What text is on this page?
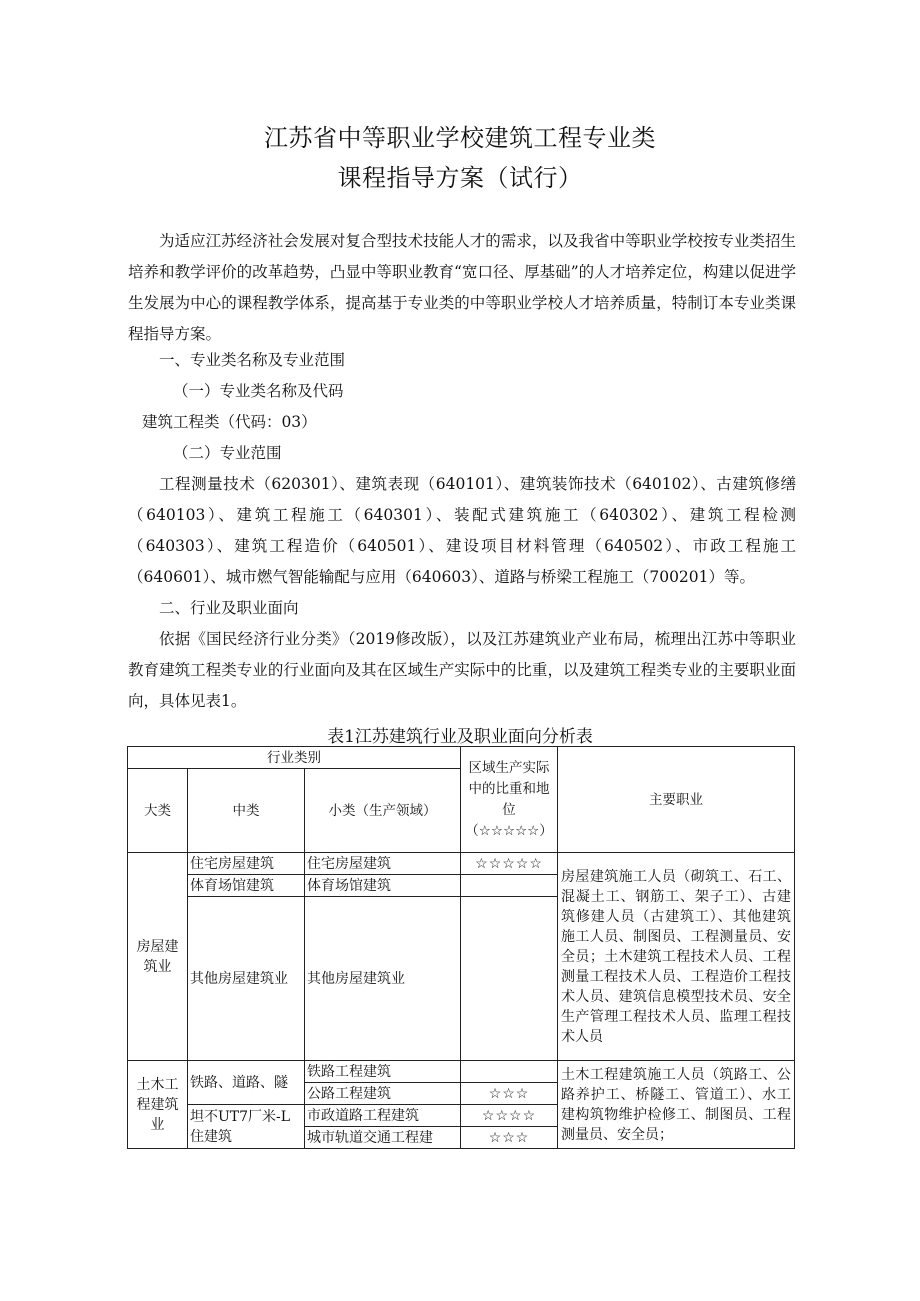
江苏省中等职业学校建筑工程专业类
课程指导方案（试行）

为适应江苏经济社会发展对复合型技术技能人才的需求，以及我省中等职业学校按专业类招生培养和教学评价的改革趋势，凸显中等职业教育“宽口径、厚基础”的人才培养定位，构建以促进学生发展为中心的课程教学体系，提高基于专业类的中等职业学校人才培养质量，特制订本专业类课程指导方案。

一、专业类名称及专业范围

（一）专业类名称及代码

建筑工程类（代码：03）

（二）专业范围

工程测量技术（620301）、建筑表现（640101）、建筑装饰技术（640102）、古建筑修缮（640103）、建筑工程施工（640301）、装配式建筑施工（640302）、建筑工程检测（640303）、建筑工程造价（640501）、建设项目材料管理（640502）、市政工程施工（640601）、城市燃气智能输配与应用（640603）、道路与桥梁工程施工（700201）等。

二、行业及职业面向

依据《国民经济行业分类》（2019修改版），以及江苏建筑业产业布局，梳理出江苏中等职业教育建筑工程类专业的行业面向及其在区域生产实际中的比重，以及建筑工程类专业的主要职业面向，具体见表1。

表1江苏建筑行业及职业面向分析表
行业类别			区域生产实际中的比重和地位（☆☆☆☆☆）	主要职业
大类	中类	小类（生产领域）		
房屋建筑业	住宅房屋建筑	住宅房屋建筑	☆☆☆☆☆	房屋建筑施工人员（砌筑工、石工、混凝土工、钢筋工、架子工）、古建筑修建人员（古建筑工）、其他建筑施工人员、制图员、工程测量员、安全员；土木建筑工程技术人员、工程测量工程技术人员、工程造价工程技术人员、建筑信息模型技术员、安全生产管理工程技术人员、监理工程技术人员
	体育场馆建筑	体育场馆建筑		
	其他房屋建筑业	其他房屋建筑业		
土木工程建筑业	铁路、道路、隧	铁路工程建筑		土木工程建筑施工人员（筑路工、公路养护工、桥隧工、管道工）、水工建构筑物维护检修工、制图员、工程测量员、安全员；
		公路工程建筑	☆☆☆	
	坦不UT7厂米-L住建筑	市政道路工程建筑	☆☆☆☆	
		城市轨道交通工程建	☆☆☆	
